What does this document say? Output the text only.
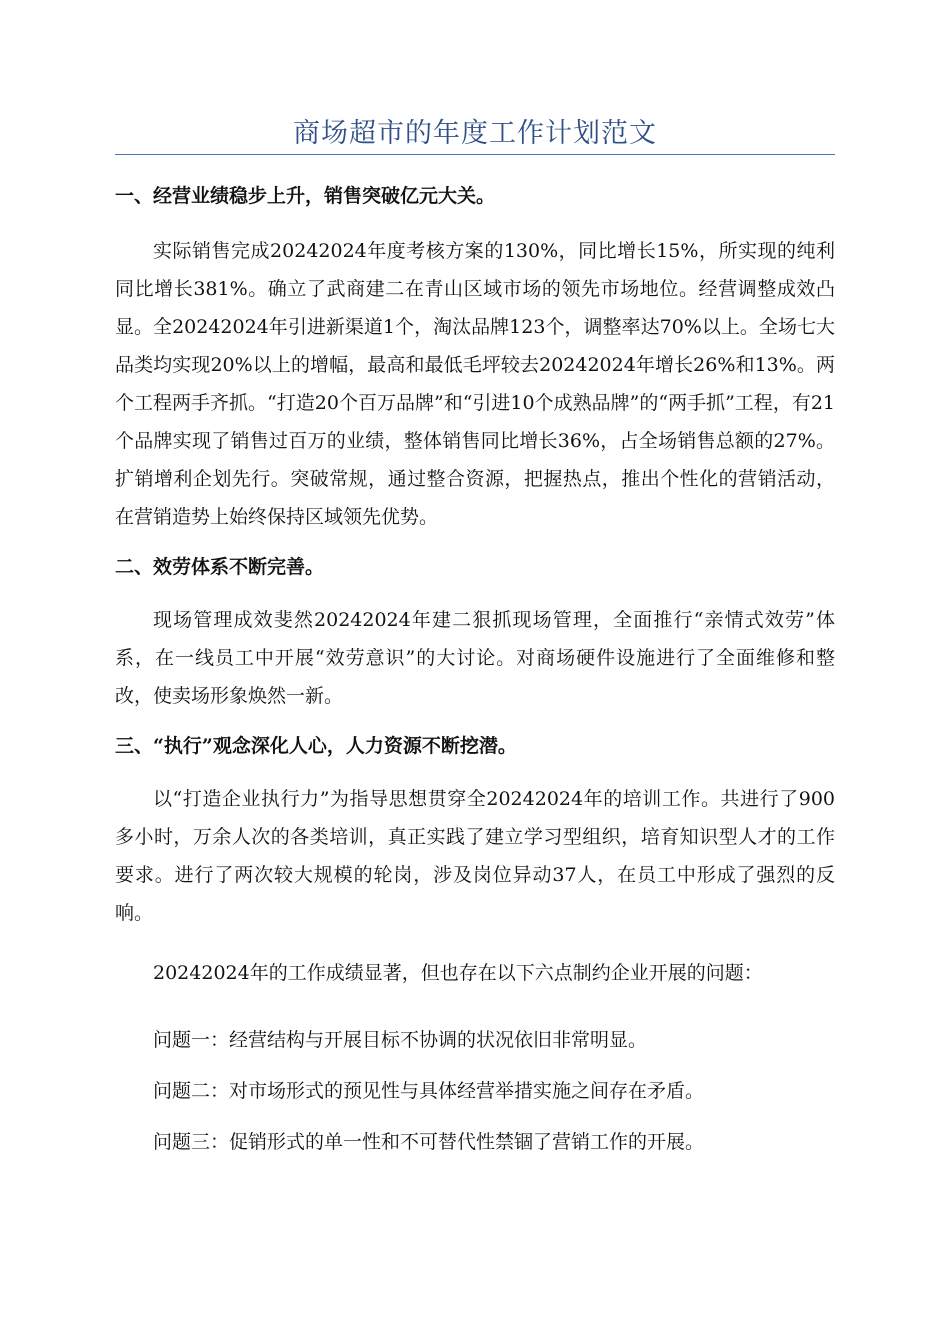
商场超市的年度工作计划范文
一、经营业绩稳步上升，销售突破亿元大关。

实际销售完成20242024年度考核方案的130%，同比增长15%，所实现的纯利同比增长381%。确立了武商建二在青山区域市场的领先市场地位。经营调整成效凸显。全20242024年引进新渠道1个，淘汰品牌123个，调整率达70%以上。全场七大品类均实现20%以上的增幅，最高和最低毛坪较去20242024年增长26%和13%。两个工程两手齐抓。“打造20个百万品牌”和“引进10个成熟品牌”的“两手抓”工程，有21个品牌实现了销售过百万的业绩，整体销售同比增长36%，占全场销售总额的27%。扩销增利企划先行。突破常规，通过整合资源，把握热点，推出个性化的营销活动，在营销造势上始终保持区域领先优势。

二、效劳体系不断完善。

现场管理成效斐然20242024年建二狠抓现场管理，全面推行“亲情式效劳”体系，在一线员工中开展“效劳意识”的大讨论。对商场硬件设施进行了全面维修和整改，使卖场形象焕然一新。

三、“执行”观念深化人心，人力资源不断挖潜。

以“打造企业执行力”为指导思想贯穿全20242024年的培训工作。共进行了900多小时，万余人次的各类培训，真正实践了建立学习型组织，培育知识型人才的工作要求。进行了两次较大规模的轮岗，涉及岗位异动37人，在员工中形成了强烈的反响。

20242024年的工作成绩显著，但也存在以下六点制约企业开展的问题：

问题一：经营结构与开展目标不协调的状况依旧非常明显。

问题二：对市场形式的预见性与具体经营举措实施之间存在矛盾。

问题三：促销形式的单一性和不可替代性禁锢了营销工作的开展。
